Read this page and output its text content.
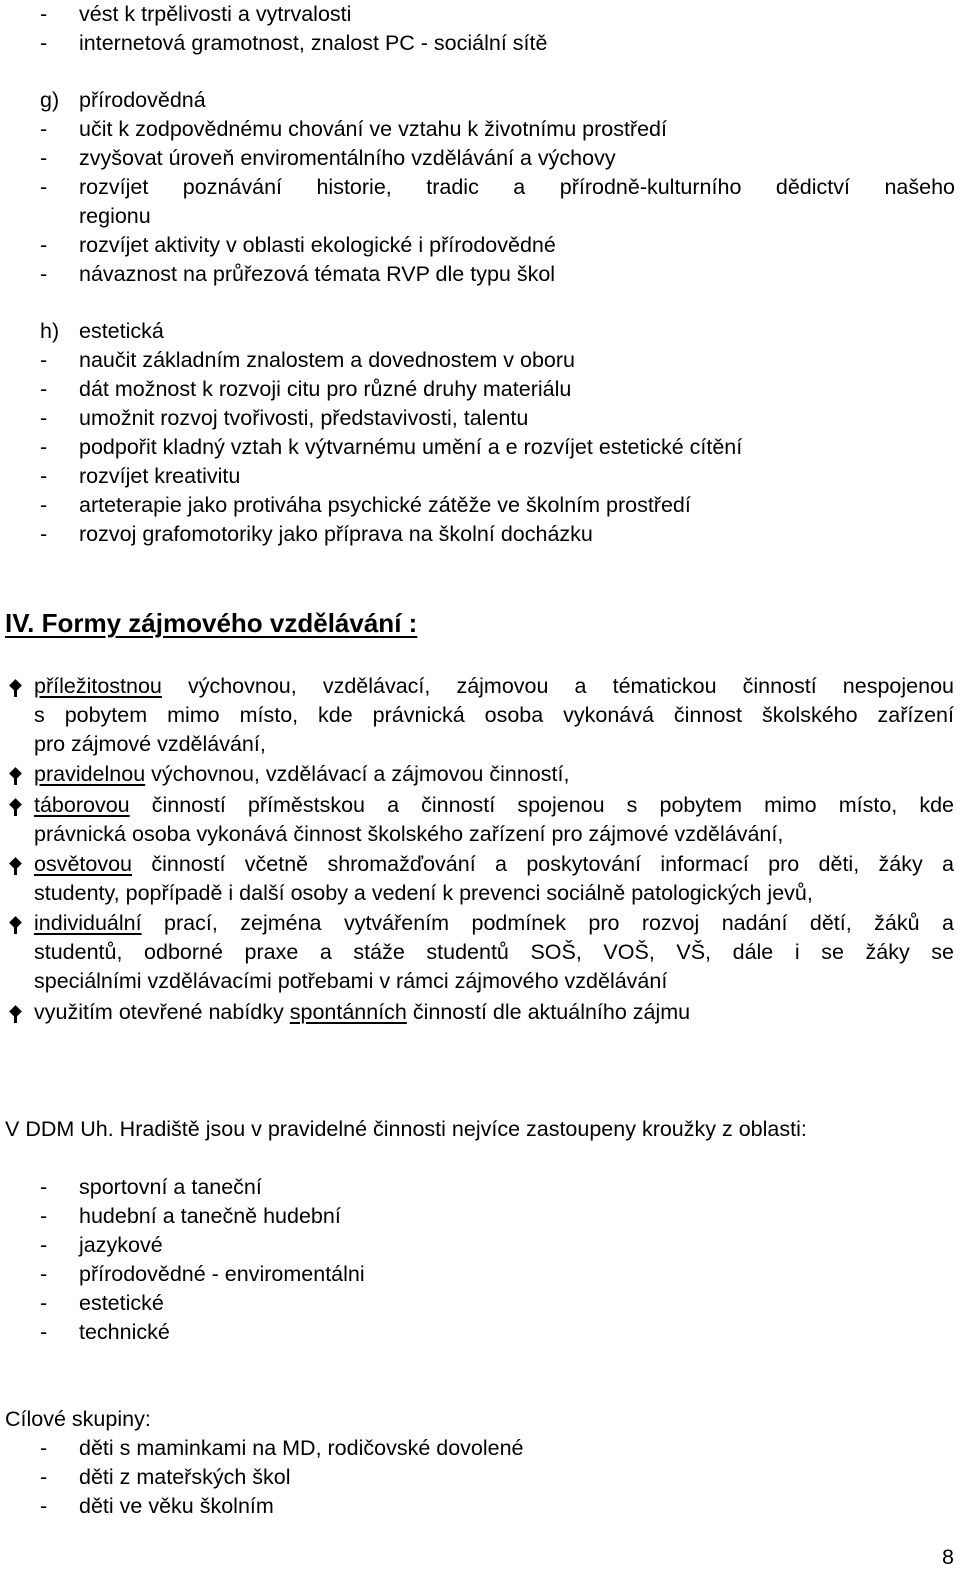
- vést k trpělivosti a vytrvalosti
- internetová gramotnost, znalost PC - sociální sítě
g) přírodovědná
- učit k zodpovědnému chování ve vztahu k životnímu prostředí
- zvyšovat úroveň enviromentálního vzdělávání a výchovy
- rozvíjet poznávání historie, tradic a přírodně-kulturního dědictví našeho
regionu
- rozvíjet aktivity v oblasti ekologické i přírodovědné
- návaznost na průřezová témata RVP dle typu škol
h) estetická
- naučit základním znalostem a dovednostem v oboru
- dát možnost k rozvoji citu pro různé druhy materiálu
- umožnit rozvoj tvořivosti, představivosti, talentu
- podpořit kladný vztah k výtvarnému umění a e rozvíjet estetické cítění
- rozvíjet kreativitu
- arteterapie jako protiváha psychické zátěže ve školním prostředí
- rozvoj grafomotoriky jako příprava na školní docházku
IV. Formy zájmového vzdělávání :
příležitostnou výchovnou, vzdělávací, zájmovou a tématickou činností nespojenou
s pobytem mimo místo, kde právnická osoba vykonává činnost školského zařízení
pro zájmové vzdělávání,
pravidelnou výchovnou, vzdělávací a zájmovou činností,
táborovou činností příměstskou a činností spojenou s pobytem mimo místo, kde
právnická osoba vykonává činnost školského zařízení pro zájmové vzdělávání,
osvětovou činností včetně shromažďování a poskytování informací pro děti, žáky a
studenty, popřípadě i další osoby a vedení k prevenci sociálně patologických jevů,
individuální prací, zejména vytvářením podmínek pro rozvoj nadání dětí, žáků a
studentů, odborné praxe a stáže studentů SOŠ, VOŠ, VŠ, dále i se žáky se
speciálními vzdělávacími potřebami v rámci zájmového vzdělávání
využitím otevřené nabídky spontánních činností dle aktuálního zájmu
V DDM Uh. Hradiště jsou v pravidelné činnosti nejvíce zastoupeny kroužky z oblasti:
- sportovní a taneční
- hudební a tanečně hudební
- jazykové
- přírodovědné - enviromentálni
- estetické
- technické
Cílové skupiny:
- děti s maminkami na MD, rodičovské dovolené
- děti z mateřských škol
- děti ve věku školním
8
